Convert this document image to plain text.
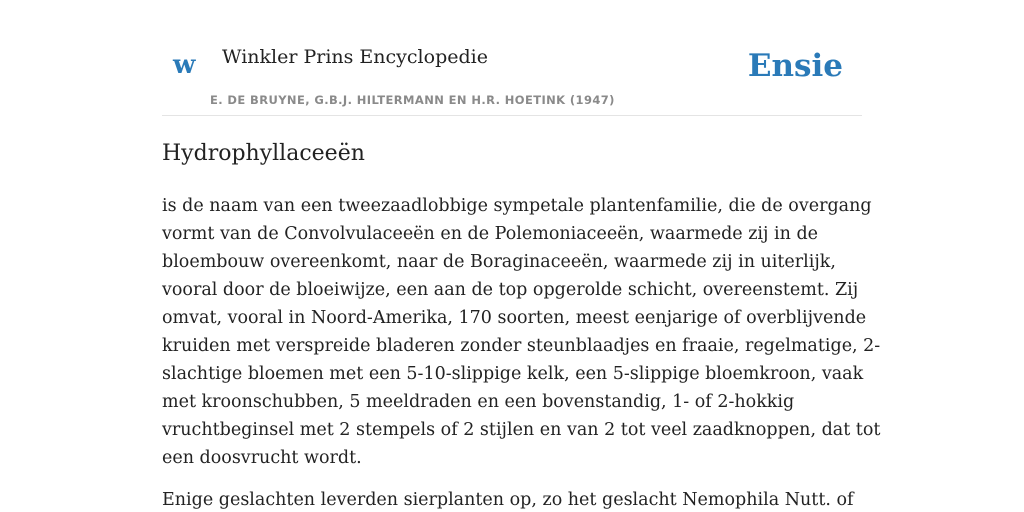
w Winkler Prins Encyclopedie
E. DE BRUYNE, G.B.J. HILTERMANN EN H.R. HOETINK (1947)
Ensie
Hydrophyllaceeën

is de naam van een tweezaadlobbige sympetale plantenfamilie, die de overgang
vormt van de Convolvulaceeën en de Polemoniaceeën, waarmede zij in de
bloembouw overeenkomt, naar de Boraginaceeën, waarmede zij in uiterlijk,
vooral door de bloeiwijze, een aan de top opgerolde schicht, overeenstemt. Zij
omvat, vooral in Noord-Amerika, 170 soorten, meest eenjarige of overblijvende
kruiden met verspreide bladeren zonder steunblaadjes en fraaie, regelmatige, 2-
slachtige bloemen met een 5-10-slippige kelk, een 5-slippige bloemkroon, vaak
met kroonschubben, 5 meeldraden en een bovenstandig, 1- of 2-hokkig
vruchtbeginsel met 2 stempels of 2 stijlen en van 2 tot veel zaadknoppen, dat tot
een doosvrucht wordt.

Enige geslachten leverden sierplanten op, zo het geslacht Nemophila Nutt. of
